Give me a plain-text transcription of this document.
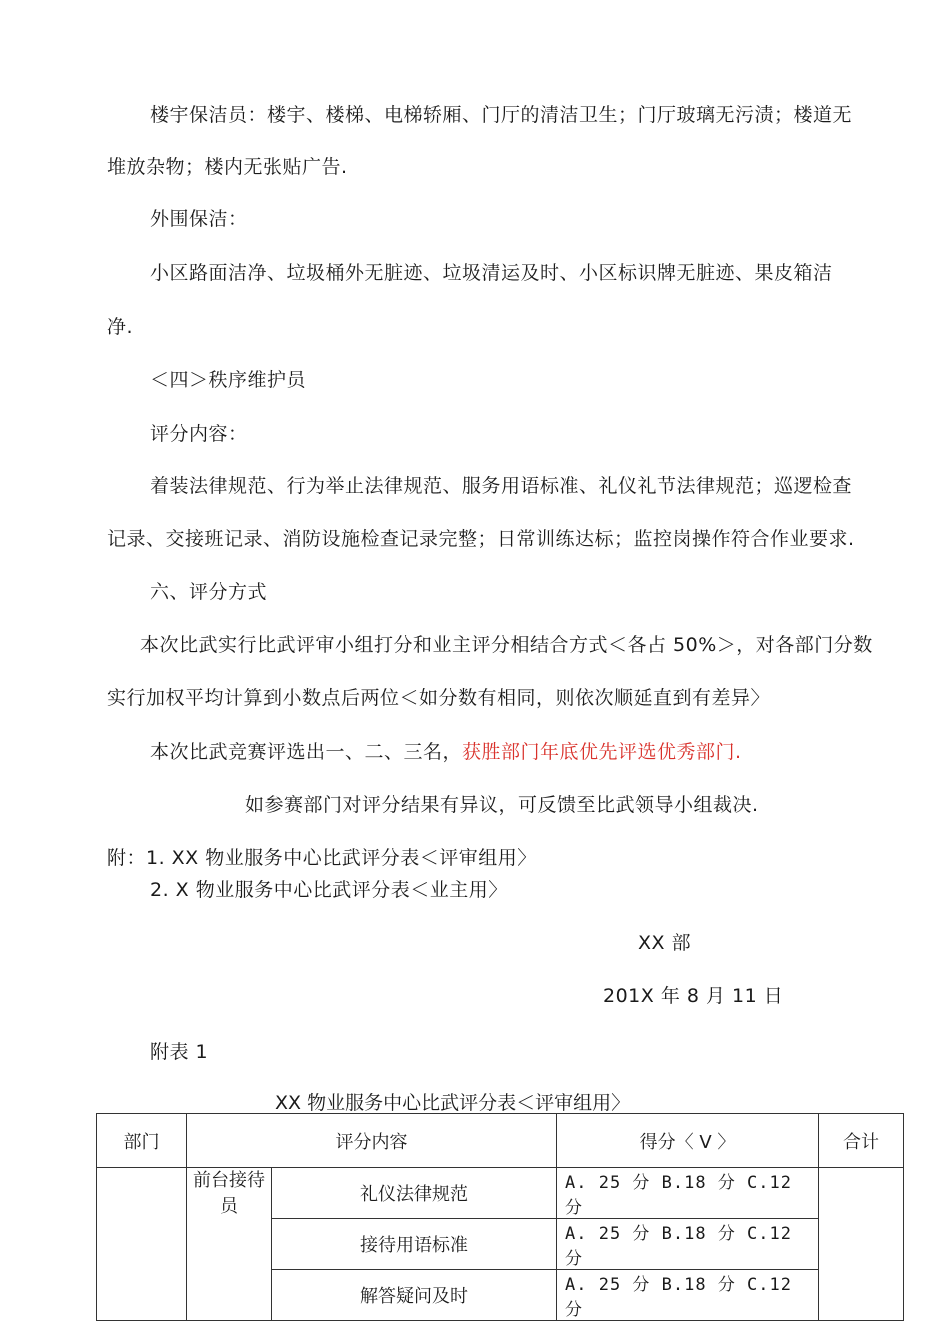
楼宇保洁员：楼宇、楼梯、电梯轿厢、门厅的清洁卫生；门厅玻璃无污渍；楼道无
堆放杂物；楼内无张贴广告.
外围保洁：
小区路面洁净、垃圾桶外无脏迹、垃圾清运及时、小区标识牌无脏迹、果皮箱洁
净.
＜四＞秩序维护员
评分内容：
着装法律规范、行为举止法律规范、服务用语标准、礼仪礼节法律规范；巡逻检查
记录、交接班记录、消防设施检查记录完整；日常训练达标；监控岗操作符合作业要求.
六、评分方式
本次比武实行比武评审小组打分和业主评分相结合方式＜各占 50%＞，对各部门分数
实行加权平均计算到小数点后两位＜如分数有相同，则依次顺延直到有差异〉
本次比武竞赛评选出一、二、三名，获胜部门年底优先评选优秀部门.
如参赛部门对评分结果有异议，可反馈至比武领导小组裁决.
附：1. XX 物业服务中心比武评分表＜评审组用〉
2. X 物业服务中心比武评分表＜业主用〉
XX 部
201X 年 8 月 11 日
附表 1
XX 物业服务中心比武评分表＜评审组用〉
部门	评分内容		得分〈 V 〉	合计
	前台接待员	礼仪法律规范	A. 25 分 B.18 分 C.12 分	
		接待用语标准	A. 25 分 B.18 分 C.12 分	
		解答疑问及时	A. 25 分 B.18 分 C.12 分	
